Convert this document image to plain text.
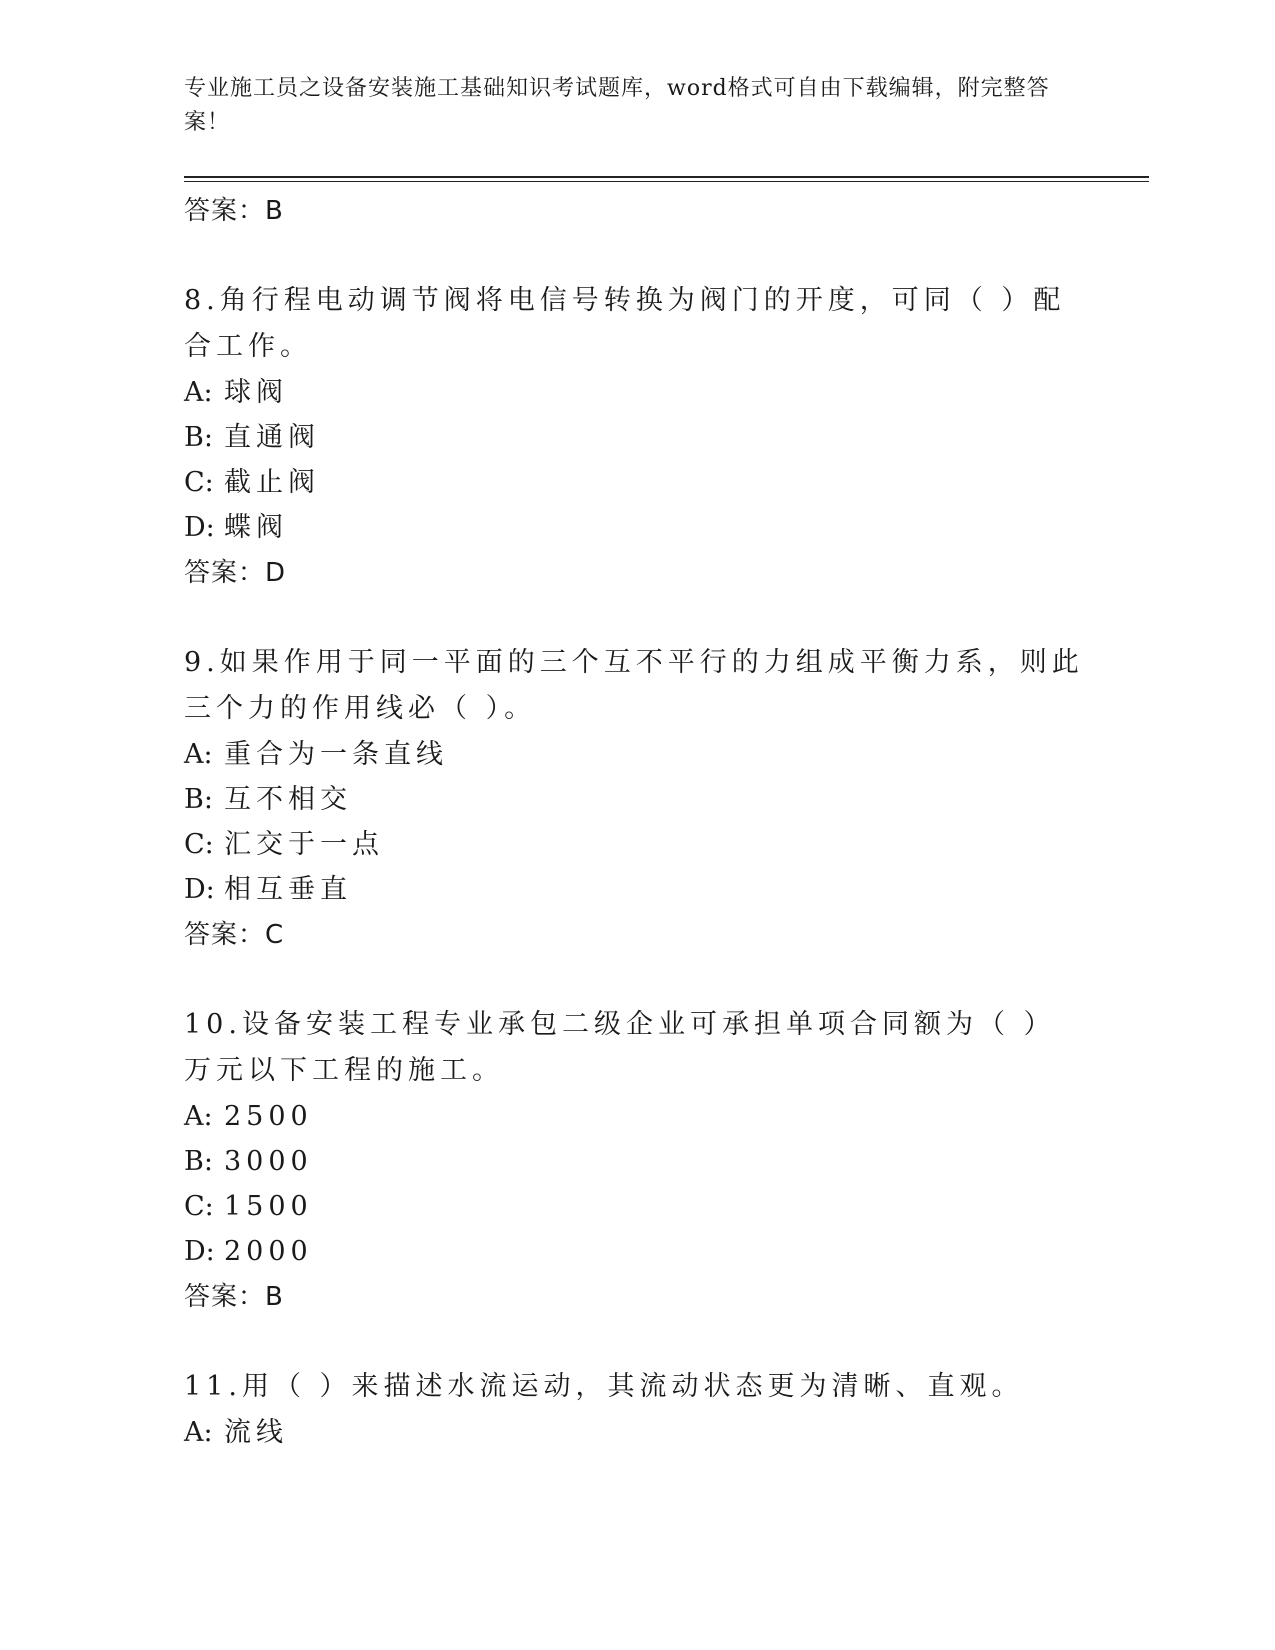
专业施工员之设备安装施工基础知识考试题库，word格式可自由下载编辑，附完整答案！
答案：B
8.角行程电动调节阀将电信号转换为阀门的开度，可同（ ）配合工作。
A: 球阀
B: 直通阀
C: 截止阀
D: 蝶阀
答案：D
9.如果作用于同一平面的三个互不平行的力组成平衡力系，则此三个力的作用线必（ ）。
A: 重合为一条直线
B: 互不相交
C: 汇交于一点
D: 相互垂直
答案：C
10.设备安装工程专业承包二级企业可承担单项合同额为（ ）万元以下工程的施工。
A: 2500
B: 3000
C: 1500
D: 2000
答案：B
11.用（ ）来描述水流运动，其流动状态更为清晰、直观。
A: 流线
